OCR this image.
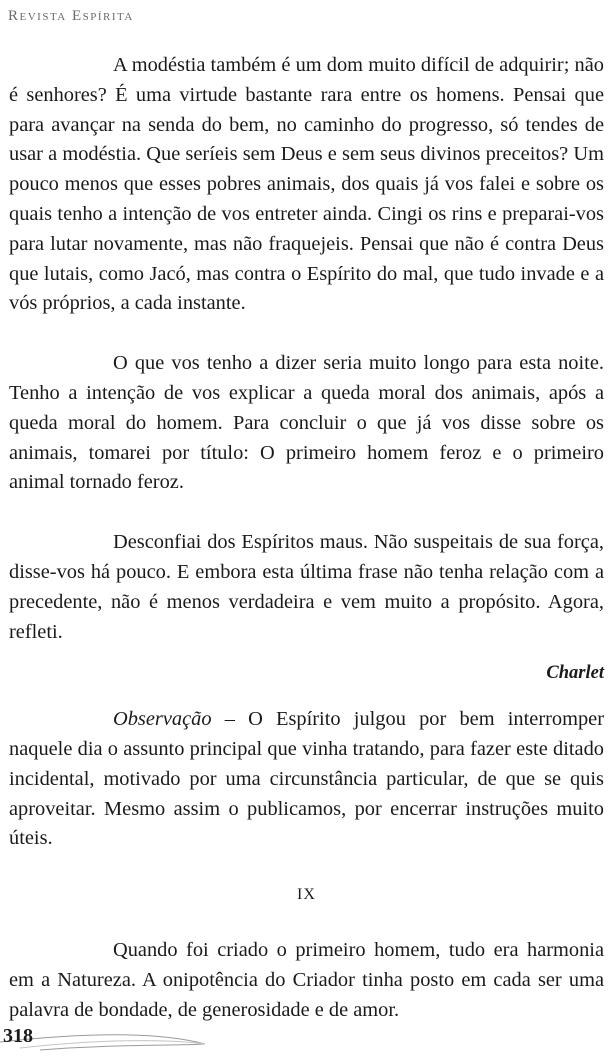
Revista Espírita

A modéstia também é um dom muito difícil de adquirir; não é senhores? É uma virtude bastante rara entre os homens. Pensai que para avançar na senda do bem, no caminho do progresso, só tendes de usar a modéstia. Que seríeis sem Deus e sem seus divinos preceitos? Um pouco menos que esses pobres animais, dos quais já vos falei e sobre os quais tenho a intenção de vos entreter ainda. Cingi os rins e preparai-vos para lutar novamente, mas não fraquejeis. Pensai que não é contra Deus que lutais, como Jacó, mas contra o Espírito do mal, que tudo invade e a vós próprios, a cada instante.

O que vos tenho a dizer seria muito longo para esta noite. Tenho a intenção de vos explicar a queda moral dos animais, após a queda moral do homem. Para concluir o que já vos disse sobre os animais, tomarei por título: O primeiro homem feroz e o primeiro animal tornado feroz.

Desconfiai dos Espíritos maus. Não suspeitais de sua força, disse-vos há pouco. E embora esta última frase não tenha relação com a precedente, não é menos verdadeira e vem muito a propósito. Agora, refleti.

Charlet

Observação – O Espírito julgou por bem interromper naquele dia o assunto principal que vinha tratando, para fazer este ditado incidental, motivado por uma circunstância particular, de que se quis aproveitar. Mesmo assim o publicamos, por encerrar instruções muito úteis.

IX

Quando foi criado o primeiro homem, tudo era harmonia em a Natureza. A onipotência do Criador tinha posto em cada ser uma palavra de bondade, de generosidade e de amor.

318
